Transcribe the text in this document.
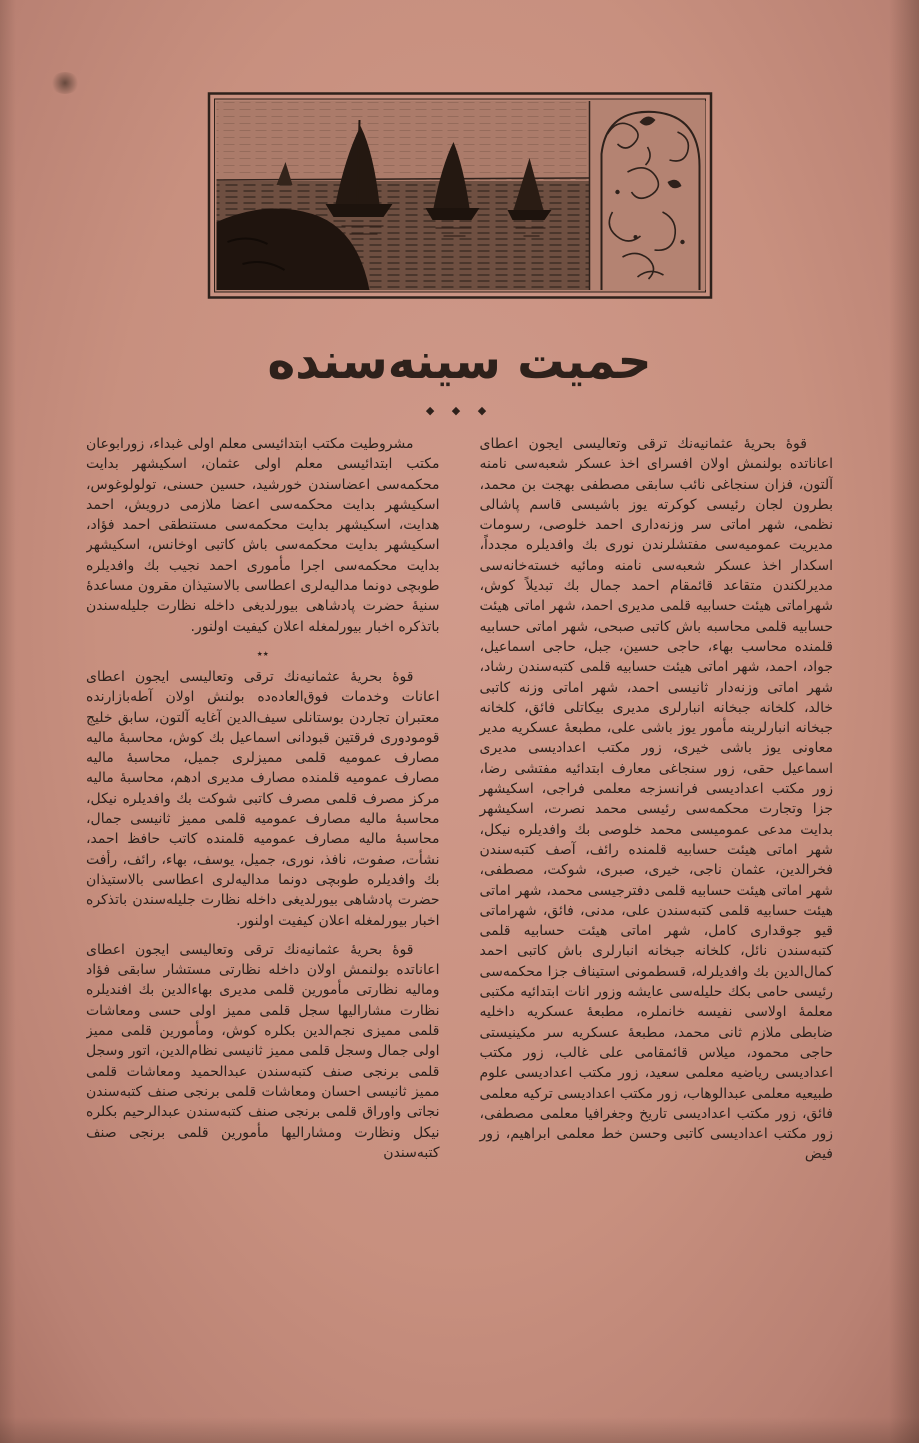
حمیت سینه‌سنده
◆ ◆ ◆

قوهٔ بحریهٔ عثمانیه‌نك ترقی وتعالیسی ایجون اعطای اعاناتده بولنمش اولان افسرای اخذ عسكر شعبه‌سی نامنه آلتون، فزان سنجاغی نائب سابقی مصطفی بهجت بن محمد، بطرون لجان رئیسی كوكرته یوز باشیسی قاسم پاشالی نظمی، شهر اماتی سر وزنه‌داری احمد خلوصی، رسومات مدیریت عمومیه‌سی مفتشلرندن نوری بك وافدیلره مجدداً، اسكدار اخذ عسكر شعبه‌سی نامنه ومائیه خسته‌خانه‌سی مدیرلكندن متقاعد قائمقام احمد جمال بك تبدیلاً كوش، شهراماتی هیئت حسابیه قلمی مدیری احمد، شهر اماتی هیئت حسابیه قلمی محاسبه باش كاتبی صبحی، شهر اماتی حسابیه قلمنده محاسب بهاء، حاجی حسین، جبل، حاجی اسماعیل، جواد، احمد، شهر اماتی هیئت حسابیه قلمی كتبه‌سندن رشاد، شهر اماتی وزنه‌دار ثانیسی احمد، شهر اماتی وزنه كاتبی خالد، كلخانه جبخانه انبارلری مدیری بیكاتلی فائق، كلخانه جبخانه انبارلرینه مأمور یوز باشی علی، مطبعهٔ عسكریه مدیر معاونی یوز باشی خیری، زور مكتب اعدادیسی مدیری اسماعیل حقی، زور سنجاغی معارف ابتدائیه مفتشی رضا، زور مكتب اعدادیسی فرانسزجه معلمی فراجی، اسكیشهر جزا وتجارت محكمه‌سی رئیسی محمد نصرت، اسكیشهر بدایت مدعی عمومیسی محمد خلوصی بك وافدیلره نیكل، شهر اماتی هیئت حسابیه قلمنده رائف، آصف كتبه‌سندن فخرالدین، عثمان ناجی، خیری، صبری، شوكت، مصطفی، شهر اماتی هیئت حسابیه قلمی دفترجیسی محمد، شهر اماتی هیئت حسابیه قلمی كتبه‌سندن علی، مدنی، فائق، شهراماتی قیو جوقداری كامل، شهر اماتی هیئت حسابیه قلمی كتبه‌سندن نائل، كلخانه جبخانه انبارلری باش كاتبی احمد كمال‌الدین بك وافدیلرله، قسطمونی استیناف جزا محكمه‌سی رئیسی حامی بكك حلیله‌سی عایشه وزور انات ابتدائیه مكتبی معلمهٔ اولاسی نفیسه خانملره، مطبعهٔ عسكریه داخلیه ضابطی ملازم ثانی محمد، مطبعهٔ عسكریه سر مكینیستی حاجی محمود، میلاس قائمقامی علی غالب، زور مكتب اعدادیسی ریاضیه معلمی سعید، زور مكتب اعدادیسی علوم طبیعیه معلمی عبدالوهاب، زور مكتب اعدادیسی تركیه معلمی فائق، زور مكتب اعدادیسی تاریخ وجغرافیا معلمی مصطفی، زور مكتب اعدادیسی كاتبی وحسن خط معلمی ابراهیم، زور فیض

مشروطیت مكتب ابتدائیسی معلم اولی غبداء، زورابوعان مكتب ابتدائیسی معلم اولی عثمان، اسكیشهر بدایت محكمه‌سی اعضاسندن خورشید، حسین حسنی، تولولوغوس، اسكیشهر بدایت محكمه‌سی اعضا ملازمی درویش، احمد هدایت، اسكیشهر بدایت محكمه‌سی مستنطقی احمد فؤاد، اسكیشهر بدایت محكمه‌سی باش كاتبی اوخانس، اسكیشهر بدایت محكمه‌سی اجرا مأموری احمد نجیب بك وافدیلره طوبچی دونما مدالیه‌لری اعطاسی بالاستیذان مقرون مساعدهٔ سنیهٔ حضرت پادشاهی بیورلدیغی داخله نظارت جلیله‌سندن باتذكره اخبار بیورلمغله اعلان كیفیت اولنور.

٭٭

قوهٔ بحریهٔ عثمانیه‌نك ترقی وتعالیسی ایجون اعطای اعانات وخدمات فوق‌العاده‌ده بولنش اولان آطه‌بازارنده معتبران تجاردن بوستانلی سیف‌الدین آغایه آلتون، سابق خلیج قومودوری فرقتین قبودانی اسماعیل بك كوش، محاسبهٔ مالیه مصارف عمومیه قلمی ممیزلری جمیل، محاسبهٔ مالیه مصارف عمومیه قلمنده مصارف مدیری ادهم، محاسبهٔ مالیه مركز مصرف قلمی مصرف كاتبی شوكت بك وافدیلره نیكل، محاسبهٔ مالیه مصارف عمومیه قلمی ممیز ثانیسی جمال، محاسبهٔ مالیه مصارف عمومیه قلمنده كاتب حافظ احمد، نشأت، صفوت، نافذ، نوری، جمیل، یوسف، بهاء، رائف، رأفت بك وافدیلره طوبچی دونما مدالیه‌لری اعطاسی بالاستیذان حضرت پادشاهی بیورلدیغی داخله نظارت جلیله‌سندن باتذكره اخبار بیورلمغله اعلان كیفیت اولنور.

قوهٔ بحریهٔ عثمانیه‌نك ترقی وتعالیسی ایجون اعطای اعاناتده بولنمش اولان داخله نظارتی مستشار سابقی فؤاد ومالیه نظارتی مأمورین قلمی مدیری بهاءالدین بك افندیلره نظارت مشارالیها سجل قلمی ممیز اولی حسی ومعاشات قلمی ممیزی نجم‌الدین بكلره كوش، ومأمورین قلمی ممیز اولی جمال وسجل قلمی ممیز ثانیسی نظام‌الدین، اتور وسجل قلمی برنجی صنف كتبه‌سندن عبدالحمید ومعاشات قلمی ممیز ثانیسی احسان ومعاشات قلمی برنجی صنف كتبه‌سندن نجاتی واوراق قلمی برنجی صنف كتبه‌سندن عبدالرحیم بكلره نیكل ونظارت ومشارالیها مأمورین قلمی برنجی صنف كتبه‌سندن
